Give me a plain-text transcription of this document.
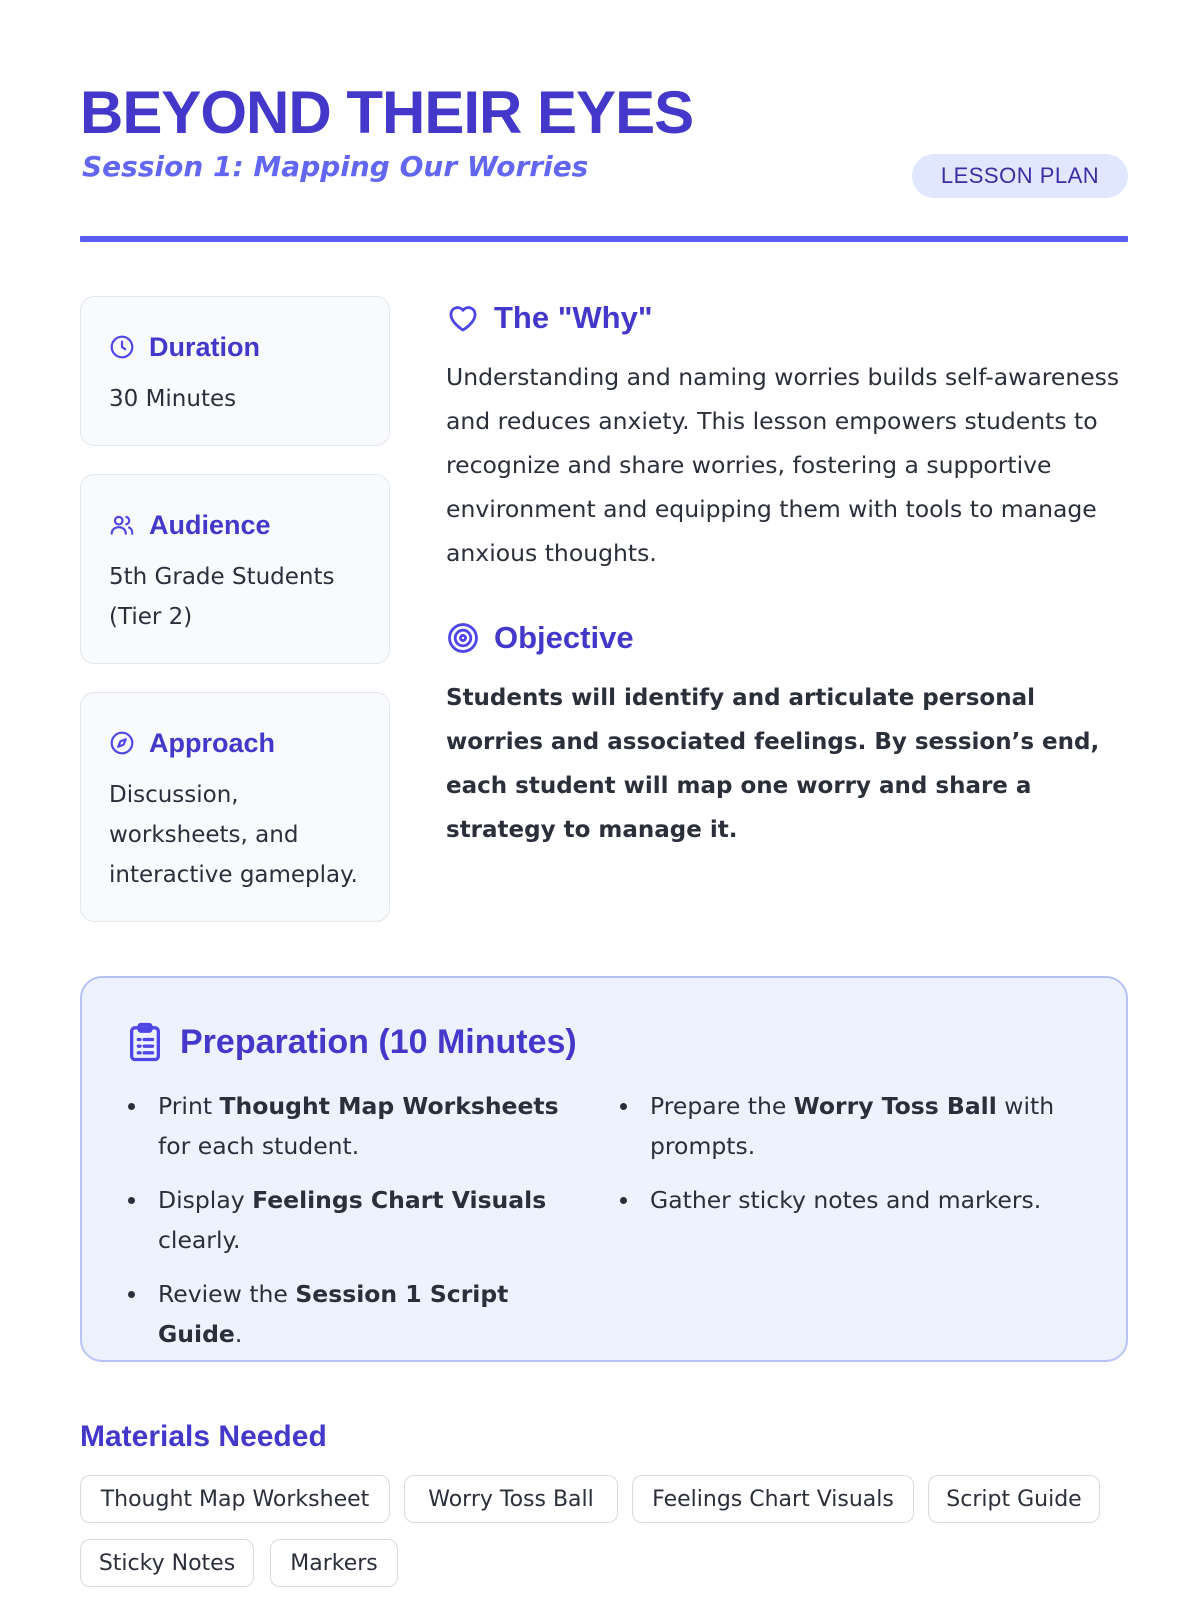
BEYOND THEIR EYES
Session 1: Mapping Our Worries	LESSON PLAN
Duration
30 Minutes
Audience
5th Grade Students (Tier 2)
Approach
Discussion, worksheets, and interactive gameplay.
The "Why"

Understanding and naming worries builds self-awareness and reduces anxiety. This lesson empowers students to recognize and share worries, fostering a supportive environment and equipping them with tools to manage anxious thoughts.

Objective

Students will identify and articulate personal worries and associated feelings. By session’s end, each student will map one worry and share a strategy to manage it.

Preparation (10 Minutes)
Print Thought Map Worksheets for each student.
Display Feelings Chart Visuals clearly.
Review the Session 1 Script Guide.
Prepare the Worry Toss Ball with prompts.
Gather sticky notes and markers.
Materials Needed
Thought Map Worksheet	Worry Toss Ball	Feelings Chart Visuals	Script Guide
Sticky Notes	Markers
